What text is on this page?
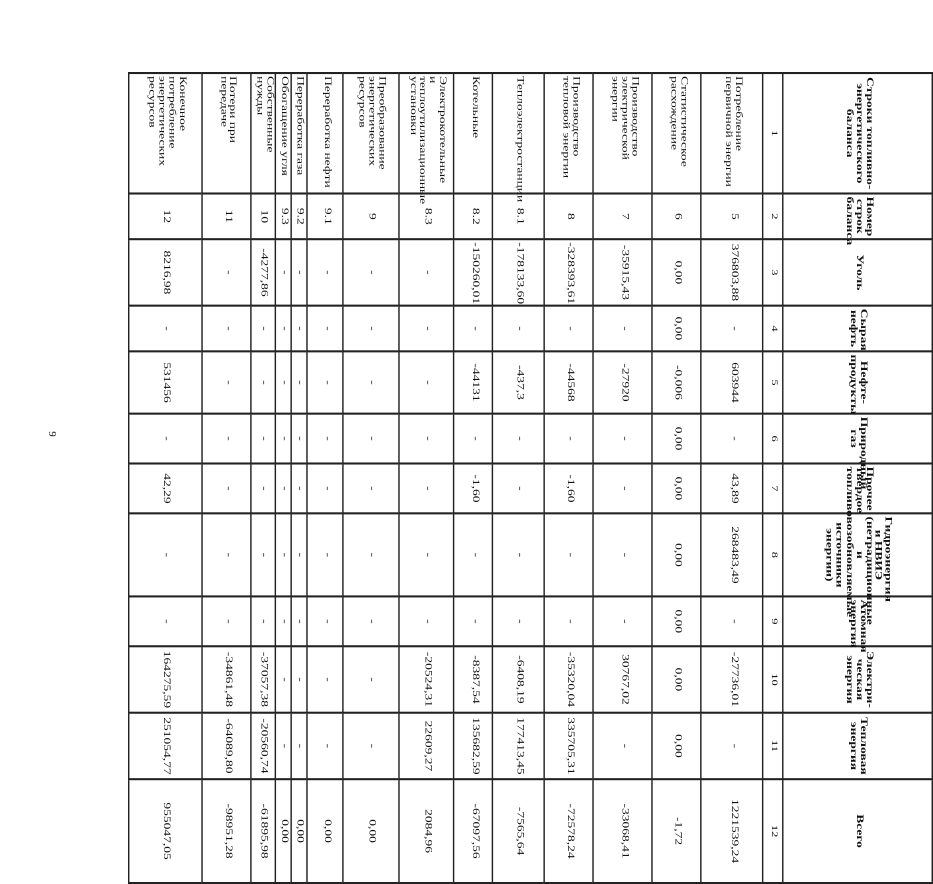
9
Строки топливно-энергетического баланса	Номер строк баланса	Уголь	Сырая нефть	Нефте-продукты	Природный газ	Прочее твердое топливо	Гидроэнергия и НВИЭ (нетрадиционные и возобновляемые источники энергии)	Атомная энергия	Электри-ческая энергия	Тепловая энергия	Всего
1	2	3	4	5	6	7	8	9	10	11	12
Потребление первичной энергии	5	376803,88	-	603944	-	43,89	268483,49	-	-27736,01	-	1221539,24
Статистическое расхождение	6	0,00	0,00	-0,006	0,00	0,00	0,00	0,00	0,00	0,00	-1,72
Производство электрической энергии	7	-35915,43	-	-27920	-	-	-	-	30767,02	-	-33068,41
Производство тепловой энергии	8	-328393,61	-	-44568	-	-1,60	-	-	-35320,04	335705,31	-72578,24
Теплоэлектростанции	8.1	-178133,60	-	-437,3	-	-	-	-	-6408,19	177413,45	-7565,64
Котельные	8.2	-150260,01	-	-44131	-	-1,60	-	-	-8387,54	135682,59	-67097,56
Электрокотельные и теплоутилизационные установки	8.3	-	-	-	-	-	-	-	-20524,31	22609,27	2084,96
Преобразование энергетических ресурсов	9	-	-	-	-	-	-	-	-	-	0,00
Переработка нефти	9.1	-	-	-	-	-	-	-	-	-	0,00
Переработка газа	9.2	-	-	-	-	-	-	-	-	-	0,00
Обогащение угля	9.3	-	-	-	-	-	-	-	-	-	0,00
Собственные нужды	10	-4277,86	-	-	-	-	-	-	-37057,38	-20560,74	-61895,98
Потери при передаче	11	-	-	-	-	-	-	-	-34861,48	-64089,80	-98951,28
Конечное потребление энергетических ресурсов	12	8216,98	-	531456	-	42,29	-	-	164275,59	251054,77	955047,05
